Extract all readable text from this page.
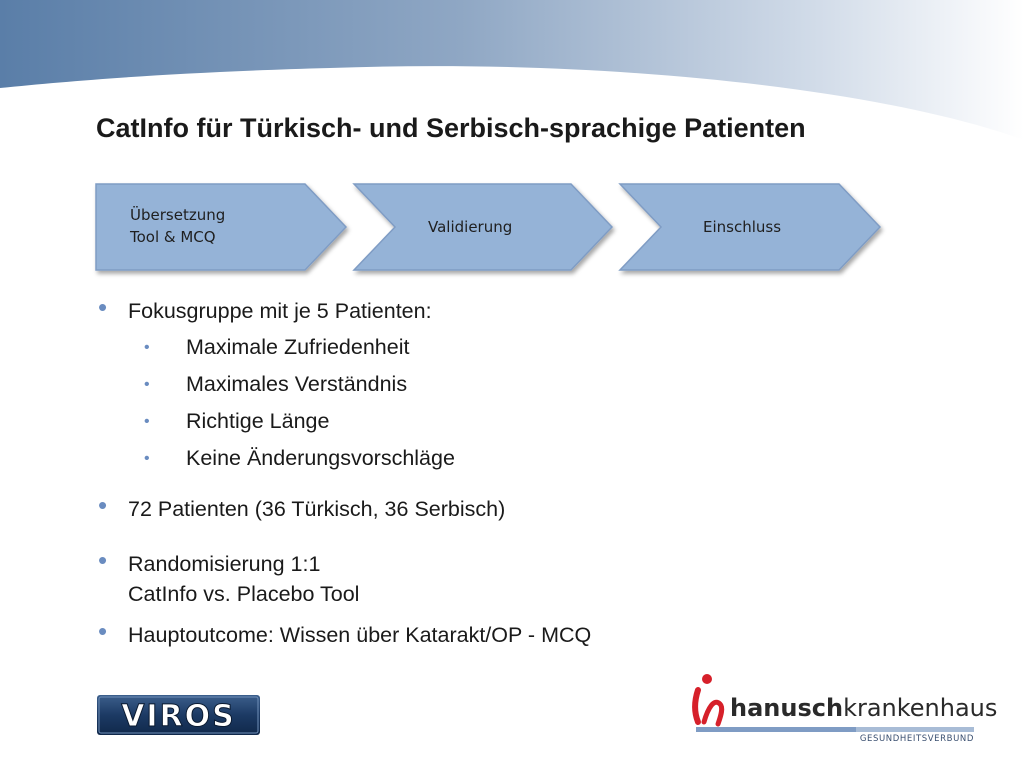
CatInfo für Türkisch- und Serbisch-sprachige Patienten
Übersetzung
Tool & MCQ
Validierung	Einschluss
• Fokusgruppe mit je 5 Patienten:
• Maximale Zufriedenheit
• Maximales Verständnis
• Richtige Länge
• Keine Änderungsvorschläge
• 72 Patienten (36 Türkisch, 36 Serbisch)
• Randomisierung 1:1
CatInfo vs. Placebo Tool
• Hauptoutcome: Wissen über Katarakt/OP - MCQ
VIROS	hanuschkrankenhaus
GESUNDHEITSVERBUND
